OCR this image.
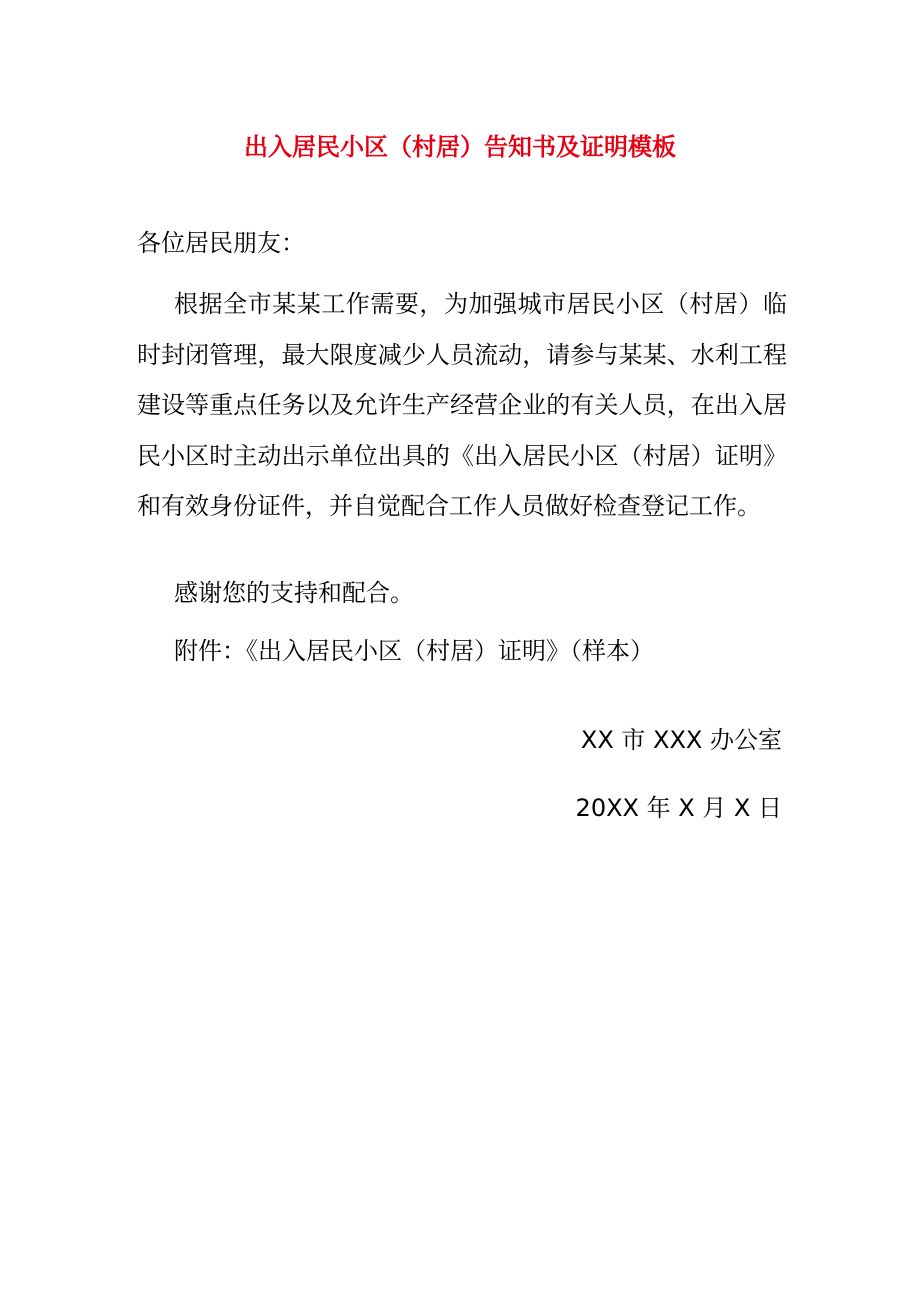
出入居民小区（村居）告知书及证明模板
各位居民朋友：
根据全市某某工作需要，为加强城市居民小区（村居）临时封闭管理，最大限度减少人员流动，请参与某某、水利工程建设等重点任务以及允许生产经营企业的有关人员，在出入居民小区时主动出示单位出具的《出入居民小区（村居）证明》和有效身份证件，并自觉配合工作人员做好检查登记工作。
感谢您的支持和配合。
附件：《出入居民小区（村居）证明》（样本）
XX 市 XXX 办公室
20XX 年 X 月 X 日
